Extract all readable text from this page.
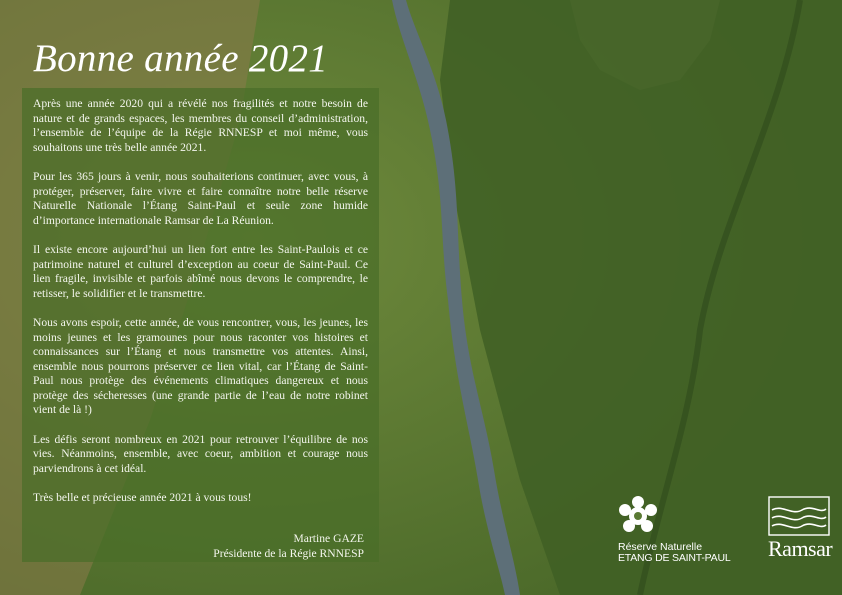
Bonne année 2021

Après une année 2020 qui a révélé nos fragilités et notre besoin de nature et de grands espaces, les membres du conseil d’administration, l’ensemble de l’équipe de la Régie RNNESP et moi même, vous souhaitons une très belle année 2021.

Pour les 365 jours à venir, nous souhaiterions continuer, avec vous, à protéger, préserver, faire vivre et faire connaître notre belle réserve Naturelle Nationale l’Étang Saint-Paul et seule zone humide d’importance internationale Ramsar de La Réunion.

Il existe encore aujourd’hui un lien fort entre les Saint-Paulois et ce patrimoine naturel et culturel d’exception au coeur de Saint-Paul. Ce lien fragile, invisible et parfois abîmé nous devons le comprendre, le retisser, le solidifier et le transmettre.

Nous avons espoir, cette année, de vous rencontrer, vous, les jeunes, les moins jeunes et les gramounes pour nous raconter vos histoires et connaissances sur l’Étang et nous transmettre vos attentes. Ainsi, ensemble nous pourrons préserver ce lien vital, car l’Étang de Saint-Paul nous protège des événements climatiques dangereux et nous protège des sécheresses (une grande partie de l’eau de notre robinet vient de là !)

Les défis seront nombreux en 2021 pour retrouver l’équilibre de nos vies. Néanmoins, ensemble, avec coeur, ambition et courage nous parviendrons à cet idéal.

Très belle et précieuse année 2021 à vous tous!

Martine GAZE
Présidente de la Régie RNNESP	Réserve Naturelle
ETANG DE SAINT-PAUL Ramsar
